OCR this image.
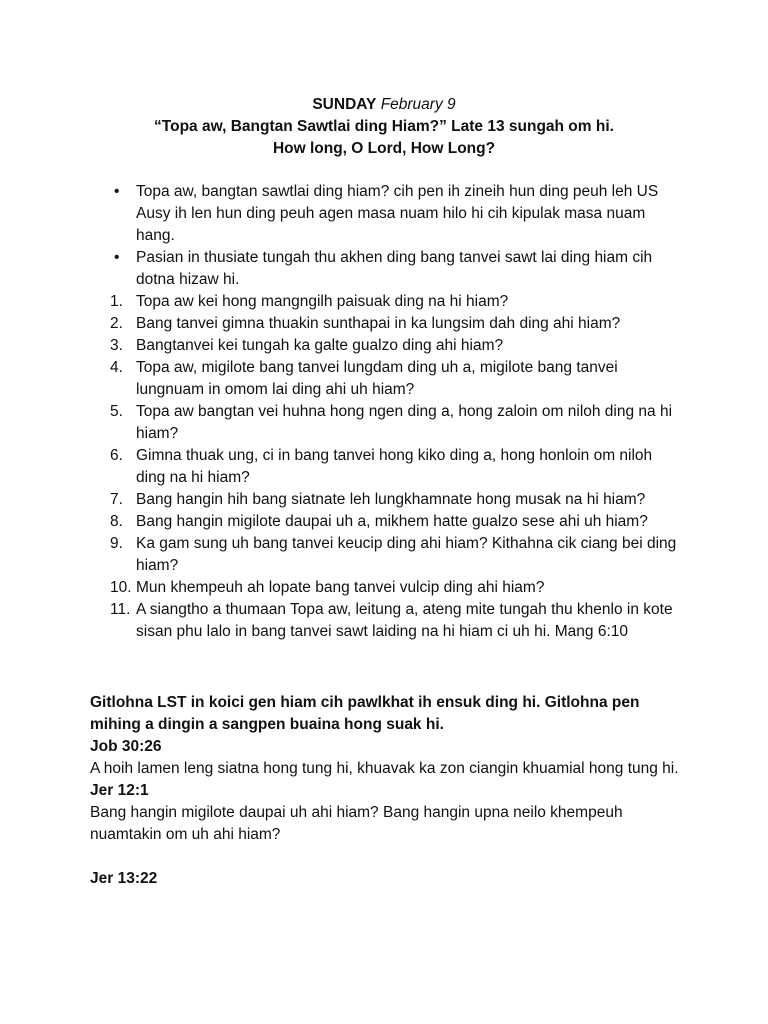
SUNDAY February 9
“Topa aw, Bangtan Sawtlai ding Hiam?” Late 13 sungah om hi.
How long, O Lord, How Long?
•	Topa aw, bangtan sawtlai ding hiam? cih pen ih zineih hun ding peuh leh US Ausy ih len hun ding peuh agen masa nuam hilo hi cih kipulak masa nuam hang.
•	Pasian in thusiate tungah thu akhen ding bang tanvei sawt lai ding hiam cih dotna hizaw hi.
1. Topa aw kei hong mangngilh paisuak ding na hi hiam?
2. Bang tanvei gimna thuakin sunthapai in ka lungsim dah ding ahi hiam?
3. Bangtanvei kei tungah ka galte gualzo ding ahi hiam?
4. Topa aw, migilote bang tanvei lungdam ding uh a, migilote bang tanvei lungnuam in omom lai ding ahi uh hiam?
5. Topa aw bangtan vei huhna hong ngen ding a, hong zaloin om niloh ding na hi hiam?
6. Gimna thuak ung, ci in bang tanvei hong kiko ding a, hong honloin om niloh ding na hi hiam?
7. Bang hangin hih bang siatnate leh lungkhamnate hong musak na hi hiam?
8. Bang hangin migilote daupai uh a, mikhem hatte gualzo sese ahi uh hiam?
9. Ka gam sung uh bang tanvei keucip ding ahi hiam? Kithahna cik ciang bei ding hiam?
10. Mun khempeuh ah lopate bang tanvei vulcip ding ahi hiam?
11. A siangtho a thumaan Topa aw, leitung a, ateng mite tungah thu khenlo in kote sisan phu lalo in bang tanvei sawt laiding na hi hiam ci uh hi. Mang 6:10

Gitlohna LST in koici gen hiam cih pawlkhat ih ensuk ding hi. Gitlohna pen mihing a dingin a sangpen buaina hong suak hi.

Job 30:26

A hoih lamen leng siatna hong tung hi, khuavak ka zon ciangin khuamial hong tung hi.

Jer 12:1

Bang hangin migilote daupai uh ahi hiam? Bang hangin upna neilo khempeuh nuamtakin om uh ahi hiam?

Jer 13:22
